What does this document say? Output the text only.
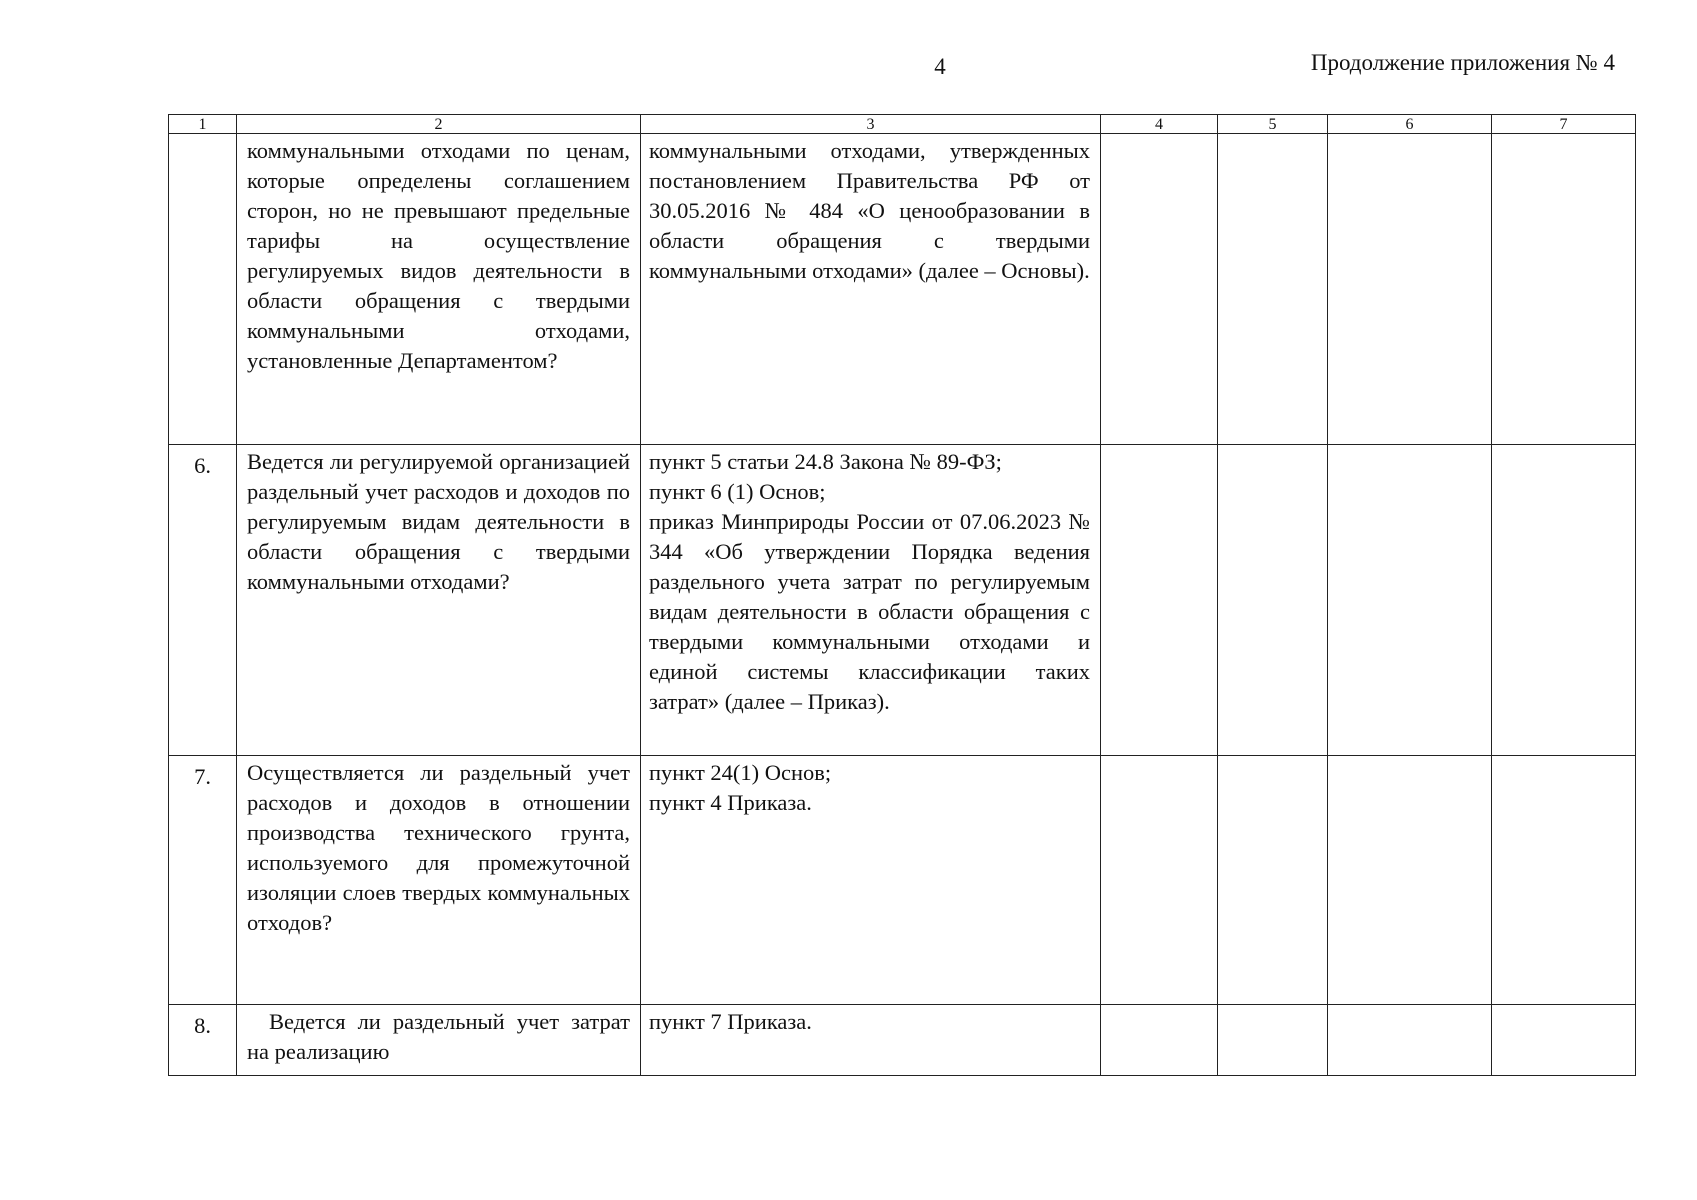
4	Продолжение приложения № 4
1	2	3	4	5	6	7
	коммунальными отходами по ценам, которые определены соглашением сторон, но не превышают предельные тарифы на осуществление регулируемых видов деятельности в области обращения с твердыми коммунальными отходами, установленные Департаментом?	коммунальными отходами, утвержденных постановлением Правительства РФ от 30.05.2016 № 484 «О ценообразовании в области обращения с твердыми коммунальными отходами» (далее – Основы).				
6.	Ведется ли регулируемой организацией раздельный учет расходов и доходов по регулируемым видам деятельности в области обращения с твердыми коммунальными отходами?	пункт 5 статьи 24.8 Закона № 89-ФЗ;
пункт 6 (1) Основ;
приказ Минприроды России от 07.06.2023 № 344 «Об утверждении Порядка ведения раздельного учета затрат по регулируемым видам деятельности в области обращения с твердыми коммунальными отходами и единой системы классификации таких затрат» (далее – Приказ).				

7.	Осуществляется ли раздельный учет расходов и доходов в отношении производства технического грунта, используемого для промежуточной изоляции слоев твердых коммунальных отходов?	пункт 24(1) Основ;
пункт 4 Приказа.				

8.	Ведется ли раздельный учет затрат на реализацию	пункт 7 Приказа.				
